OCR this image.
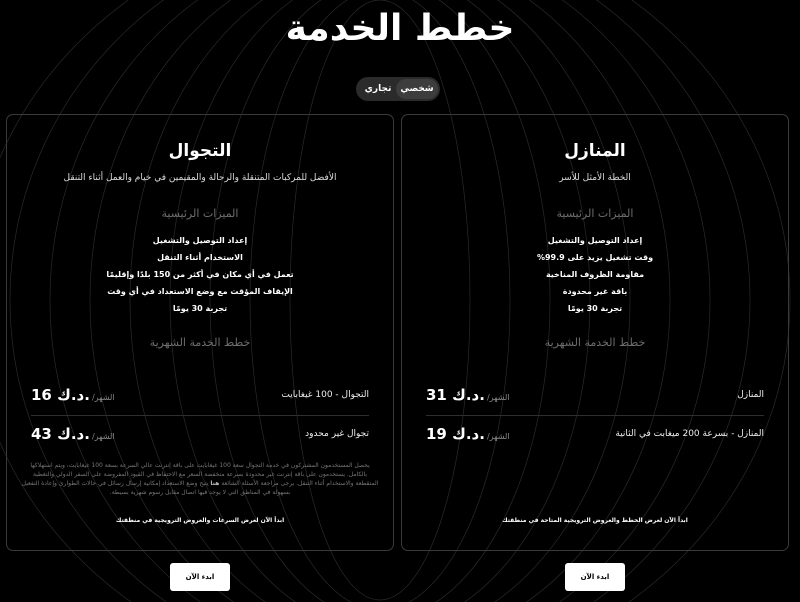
خطط الخدمة
شخصي
تجاري
المنازل

الخطة الأمثل للأسر

الميزات الرئيسية

إعداد التوصيل والتشغيل
وقت تشغيل يزيد على 99.9%
مقاومة الظروف المناخية
باقة غير محدودة
تجربة 30 يومًا

خطط الخدمة الشهرية

المنازل
31 د.ك. /الشهر
المنازل - بسرعة 200 ميغابت في الثانية
19 د.ك. /الشهر

ابدأ الآن لعرض الخطط والعروض الترويجية المتاحة في منطقتك

التجوال

الأفضل للمركبات المتنقلة والرحالة والمقيمين في خيام والعمل أثناء التنقل

الميزات الرئيسية

إعداد التوصيل والتشغيل
الاستخدام أثناء التنقل
تعمل في أي مكان في أكثر من 150 بلدًا وإقليمًا
الإيقاف المؤقت مع وضع الاستعداد في أي وقت
تجربة 30 يومًا

خطط الخدمة الشهرية

التجوال - 100 غيغابايت
16 د.ك. /الشهر
تجوال غير محدود
43 د.ك. /الشهر

يحصل المستخدمون المشتركون في خدمة التجوال سعة 100 غيغابايت على باقة إنترنت عالي السرعة بسعة 100 غيغابايت، ويتم استهلاكها بالكامل. يستخدمون على باقة إنترنت غير محدودة بسرعة منخفضة السعر مع الاحتفاظ في القيود المفروضة على السفر الدولي والتغطية المتقطعة والاستخدام أثناء التنقل. يرجى مراجعة الأسئلة الشائعة هنا يتيح وضع الاستعداد إمكانية إرسال رسائل في حالات الطوارئ وإعادة التفعيل بسهولة في المناطق التي لا يوجد فيها اتصال مقابل رسوم شهرية بسيطة.

ابدأ الآن لعرض السرعات والعروض الترويجية في منطقتك

ابدء الآن
ابدء الآن
